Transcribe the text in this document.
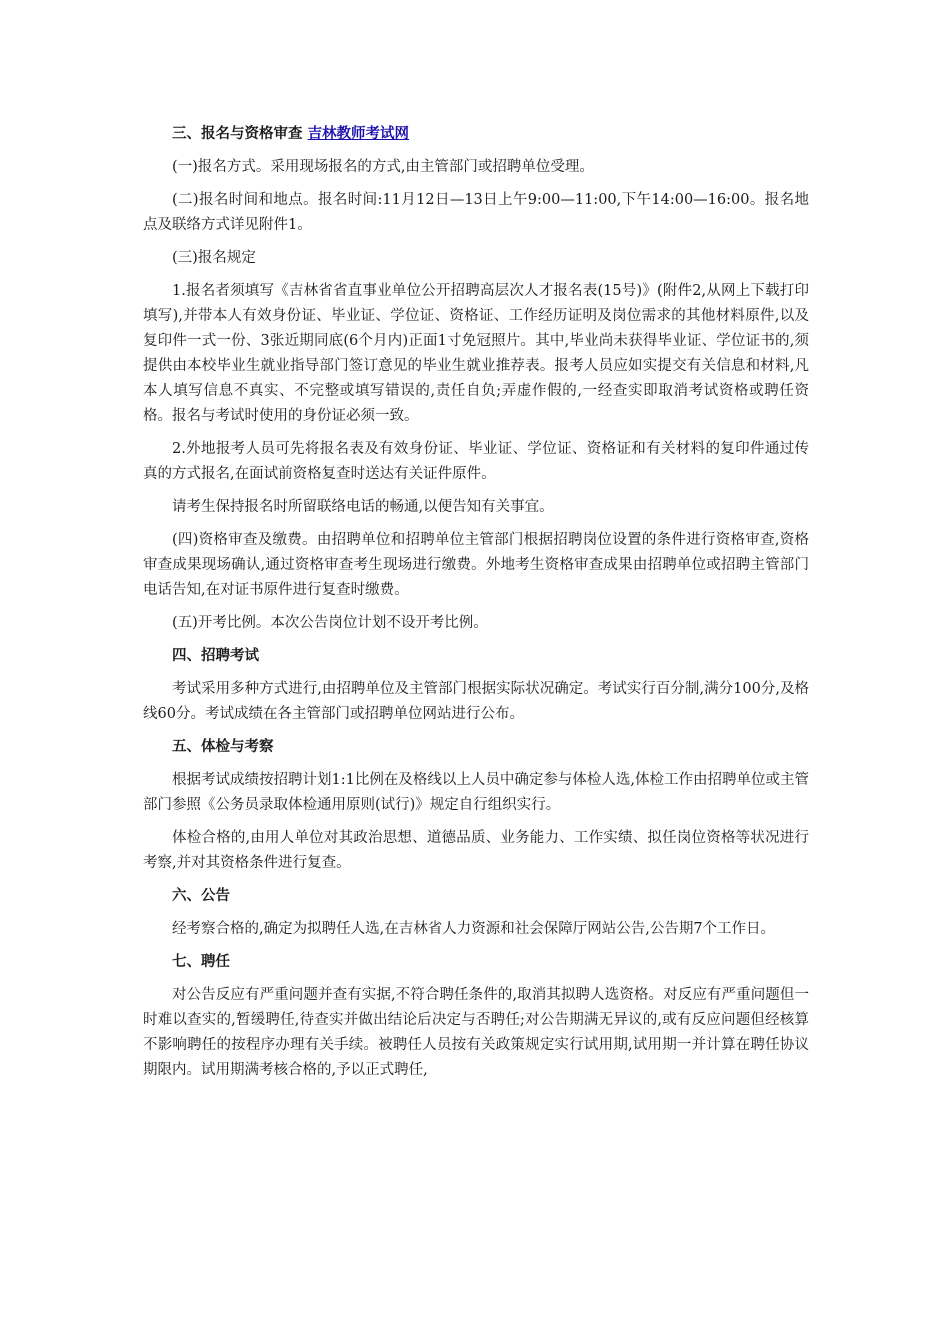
三、报名与资格审查 吉林教师考试网
(一)报名方式。采用现场报名的方式,由主管部门或招聘单位受理。
(二)报名时间和地点。报名时间:11月12日—13日上午9:00—11:00,下午14:00—16:00。报名地点及联络方式详见附件1。
(三)报名规定
1.报名者须填写《吉林省省直事业单位公开招聘高层次人才报名表(15号)》(附件2,从网上下载打印填写),并带本人有效身份证、毕业证、学位证、资格证、工作经历证明及岗位需求的其他材料原件,以及复印件一式一份、3张近期同底(6个月内)正面1寸免冠照片。其中,毕业尚未获得毕业证、学位证书的,须提供由本校毕业生就业指导部门签订意见的毕业生就业推荐表。报考人员应如实提交有关信息和材料,凡本人填写信息不真实、不完整或填写错误的,责任自负;弄虚作假的,一经查实即取消考试资格或聘任资格。报名与考试时使用的身份证必须一致。
2.外地报考人员可先将报名表及有效身份证、毕业证、学位证、资格证和有关材料的复印件通过传真的方式报名,在面试前资格复查时送达有关证件原件。
请考生保持报名时所留联络电话的畅通,以便告知有关事宜。
(四)资格审查及缴费。由招聘单位和招聘单位主管部门根据招聘岗位设置的条件进行资格审查,资格审查成果现场确认,通过资格审查考生现场进行缴费。外地考生资格审查成果由招聘单位或招聘主管部门电话告知,在对证书原件进行复查时缴费。
(五)开考比例。本次公告岗位计划不设开考比例。
四、招聘考试
考试采用多种方式进行,由招聘单位及主管部门根据实际状况确定。考试实行百分制,满分100分,及格线60分。考试成绩在各主管部门或招聘单位网站进行公布。
五、体检与考察
根据考试成绩按招聘计划1:1比例在及格线以上人员中确定参与体检人选,体检工作由招聘单位或主管部门参照《公务员录取体检通用原则(试行)》规定自行组织实行。
体检合格的,由用人单位对其政治思想、道德品质、业务能力、工作实绩、拟任岗位资格等状况进行考察,并对其资格条件进行复查。
六、公告
经考察合格的,确定为拟聘任人选,在吉林省人力资源和社会保障厅网站公告,公告期7个工作日。
七、聘任
对公告反应有严重问题并查有实据,不符合聘任条件的,取消其拟聘人选资格。对反应有严重问题但一时难以查实的,暂缓聘任,待查实并做出结论后决定与否聘任;对公告期满无异议的,或有反应问题但经核算不影响聘任的按程序办理有关手续。被聘任人员按有关政策规定实行试用期,试用期一并计算在聘任协议期限内。试用期满考核合格的,予以正式聘任,
